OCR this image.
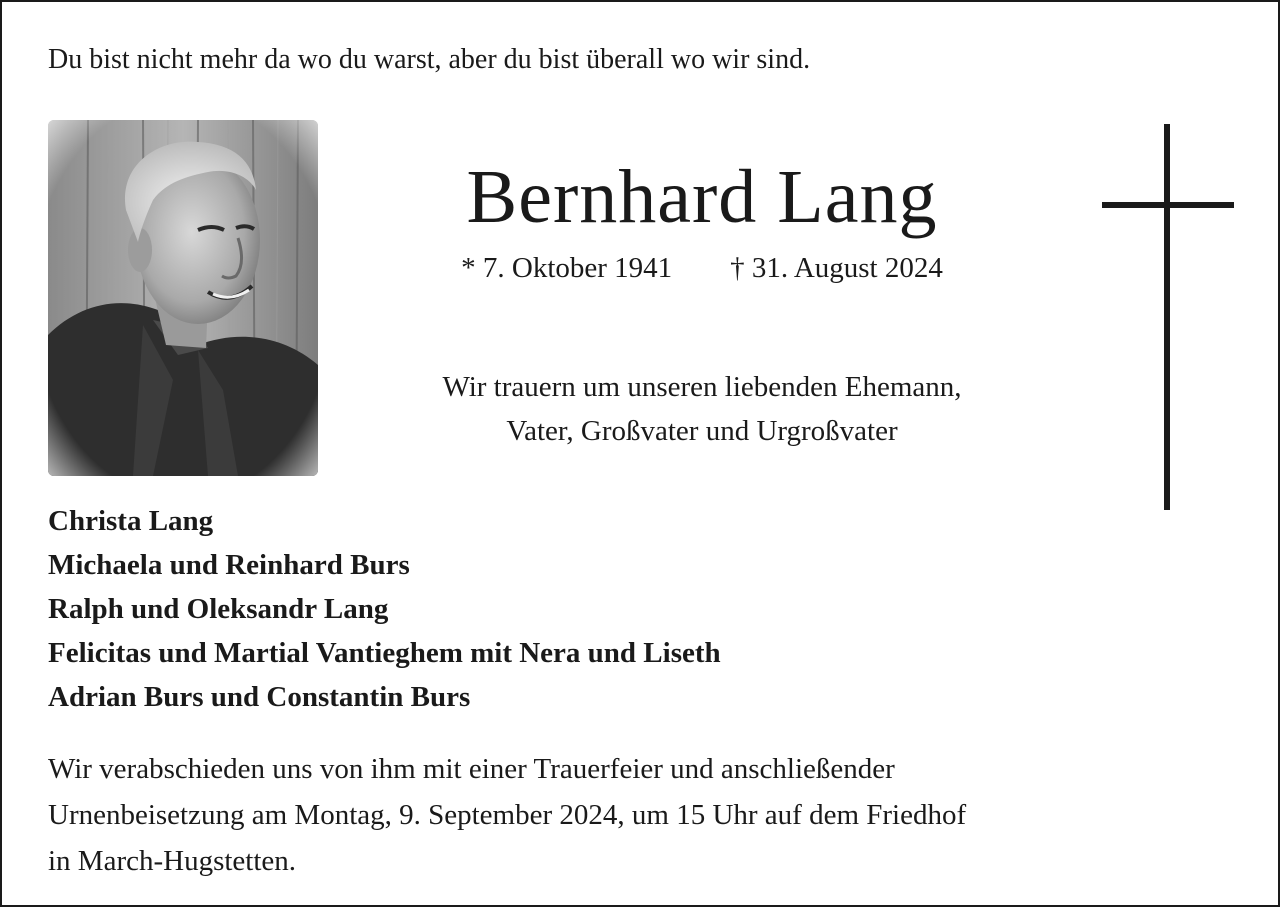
Du bist nicht mehr da wo du warst, aber du bist überall wo wir sind.
Bernhard Lang
* 7. Oktober 1941 † 31. August 2024
Wir trauern um unseren liebenden Ehemann,
Vater, Großvater und Urgroßvater
Christa Lang
Michaela und Reinhard Burs
Ralph und Oleksandr Lang
Felicitas und Martial Vantieghem mit Nera und Liseth
Adrian Burs und Constantin Burs
Wir verabschieden uns von ihm mit einer Trauerfeier und anschließender
Urnenbeisetzung am Montag, 9. September 2024, um 15 Uhr auf dem Friedhof
in March-Hugstetten.
